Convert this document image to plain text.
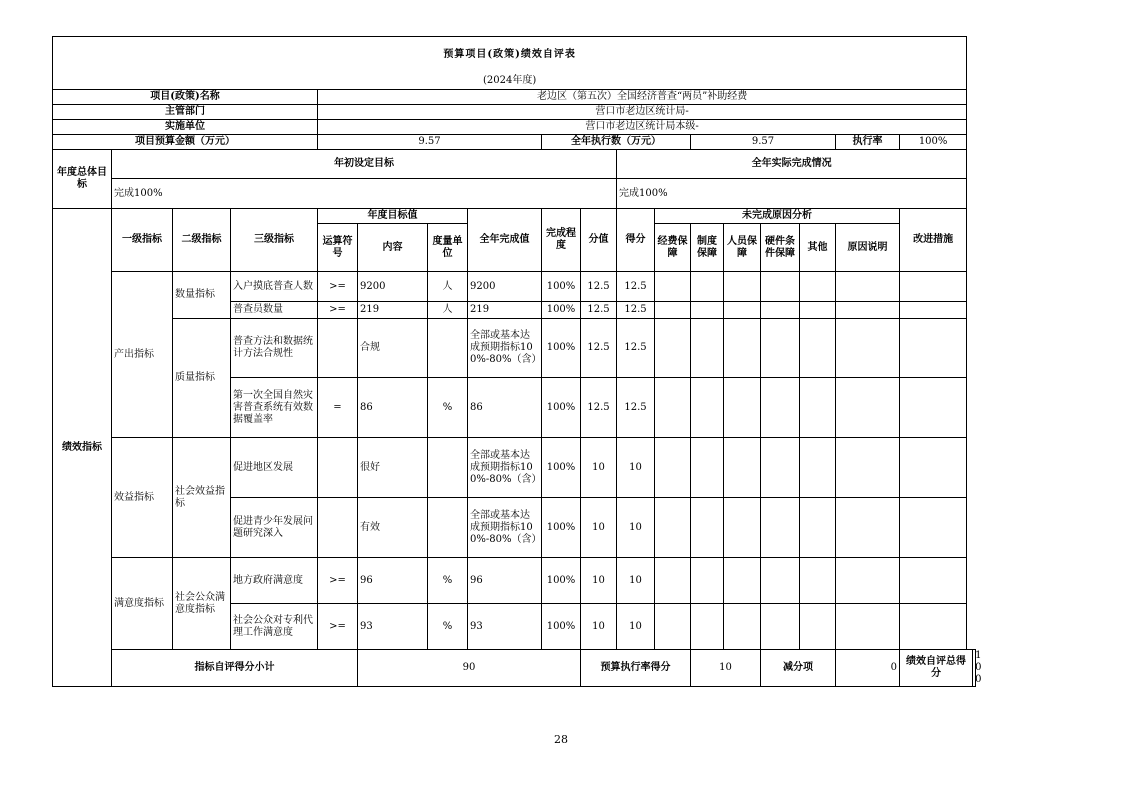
预算项目(政策)绩效自评表																		
(2024年度)																		
项目(政策)名称				老边区（第五次）全国经济普查“两员”补助经费														
主管部门				营口市老边区统计局-														
实施单位				营口市老边区统计局本级-														
项目预算金额（万元）				9.57				全年执行数（万元）				9.57				执行率	100%	
年度总体目标	年初设定目标									全年实际完成情况								
	完成100%									完成100%								
绩效指标	一级指标	二级指标	三级指标	年度目标值			全年完成值	完成程度	分值	得分	未完成原因分析						改进措施	
				运算符号	内容	度量单位					经费保障	制度保障	人员保障	硬件条件保障	其他	原因说明		
	产出指标	数量指标	入户摸底普查人数	>=	9200	人	9200	100%	12.5	12.5								
			普查员数量	>=	219	人	219	100%	12.5	12.5								
		质量指标	普查方法和数据统计方法合规性		合规		全部或基本达成预期指标100%-80%（含）	100%	12.5	12.5								
			第一次全国自然灾害普查系统有效数据覆盖率	=	86	%	86	100%	12.5	12.5								
	效益指标	社会效益指标	促进地区发展		很好		全部或基本达成预期指标100%-80%（含）	100%	10	10								
			促进青少年发展问题研究深入		有效		全部或基本达成预期指标100%-80%（含）	100%	10	10								
	满意度指标	社会公众满意度指标	地方政府满意度	>=	96	%	96	100%	10	10								
			社会公众对专利代理工作满意度	>=	93	%	93	100%	10	10								
	指标自评得分小计				90				预算执行率得分			10		减分项		0	绩效自评总得分	100
28
